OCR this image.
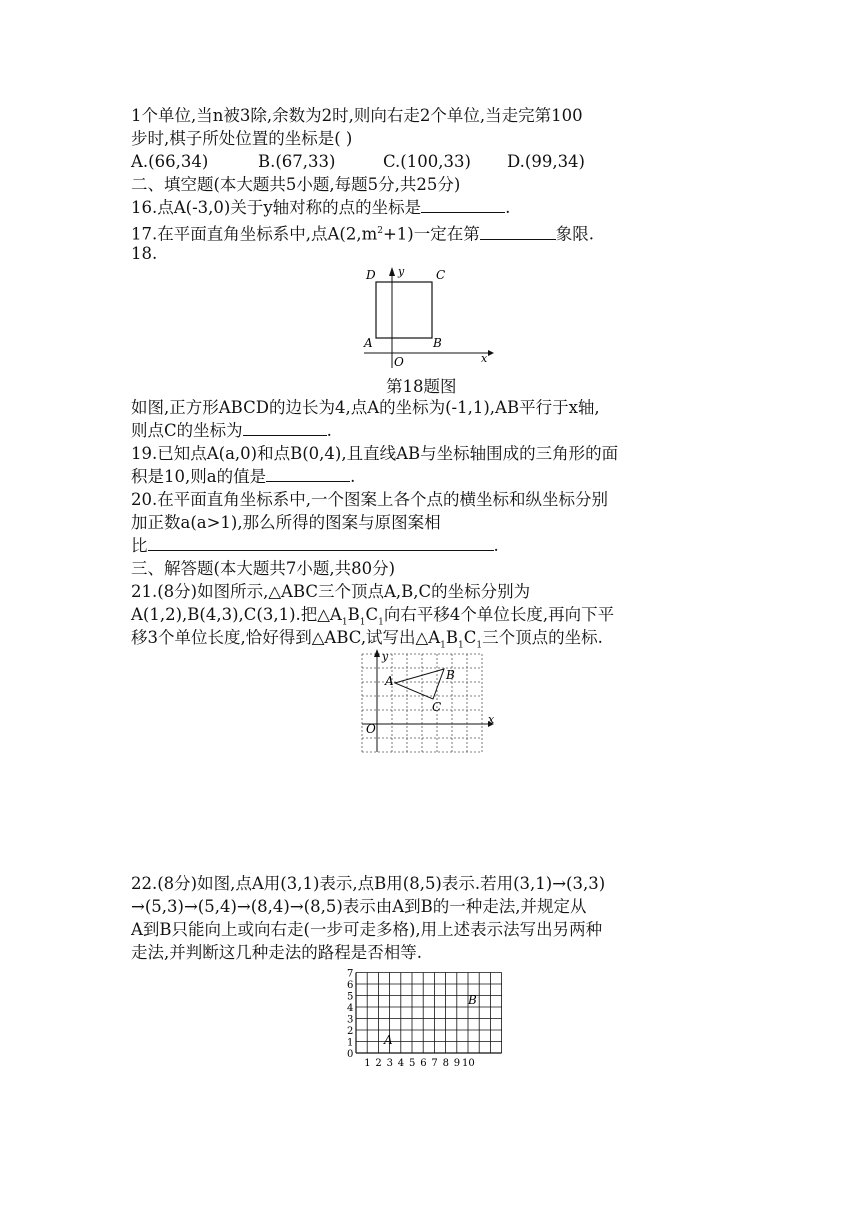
1个单位,当n被3除,余数为2时,则向右走2个单位,当走完第100
步时,棋子所处位置的坐标是( )
A.(66,34)	B.(67,33)	C.(100,33) D.(99,34)
二、填空题(本大题共5小题,每题5分,共25分)
16.点A(-3,0)关于y轴对称的点的坐标是	.
17.在平面直角坐标系中,点$A(2,m^2+1)$一定在第	象限.
18.
D y	C
A	B
O	x
第18题图
如图,正方形ABCD的边长为4,点A的坐标为(-1,1),AB平行于x轴,
则点C的坐标为	.
19.已知点A(a,0)和点B(0,4),且直线AB与坐标轴围成的三角形的面
积是10,则a的值是	.
20.在平面直角坐标系中,一个图案上各个点的横坐标和纵坐标分别
加正数a(a>1),那么所得的图案与原图案相
比	.
三、解答题(本大题共7小题,共80分)
21.(8分)如图所示,△ABC三个顶点A,B,C的坐标分别为
A(1,2),B(4,3),C(3,1).把$\triangle A_1B_1C_1$向右平移4个单位长度,再向下平
移3个单位长度,恰好得到△ABC,试写出$\triangle A_1B_1C_1$三个顶点的坐标.
y
A	B
C
O
x
22.(8分)如图,点A用(3,1)表示,点B用(8,5)表示.若用(3,1)→(3,3)
→(5,3)→(5,4)→(8,4)→(8,5)表示由A到B的一种走法,并规定从
A到B只能向上或向右走(一步可走多格),用上述表示法写出另两种
走法,并判断这几种走法的路程是否相等.
0
1
2
3
4
5
6
7
1 2 3 4 5 6 7 8 9 10
B
A
